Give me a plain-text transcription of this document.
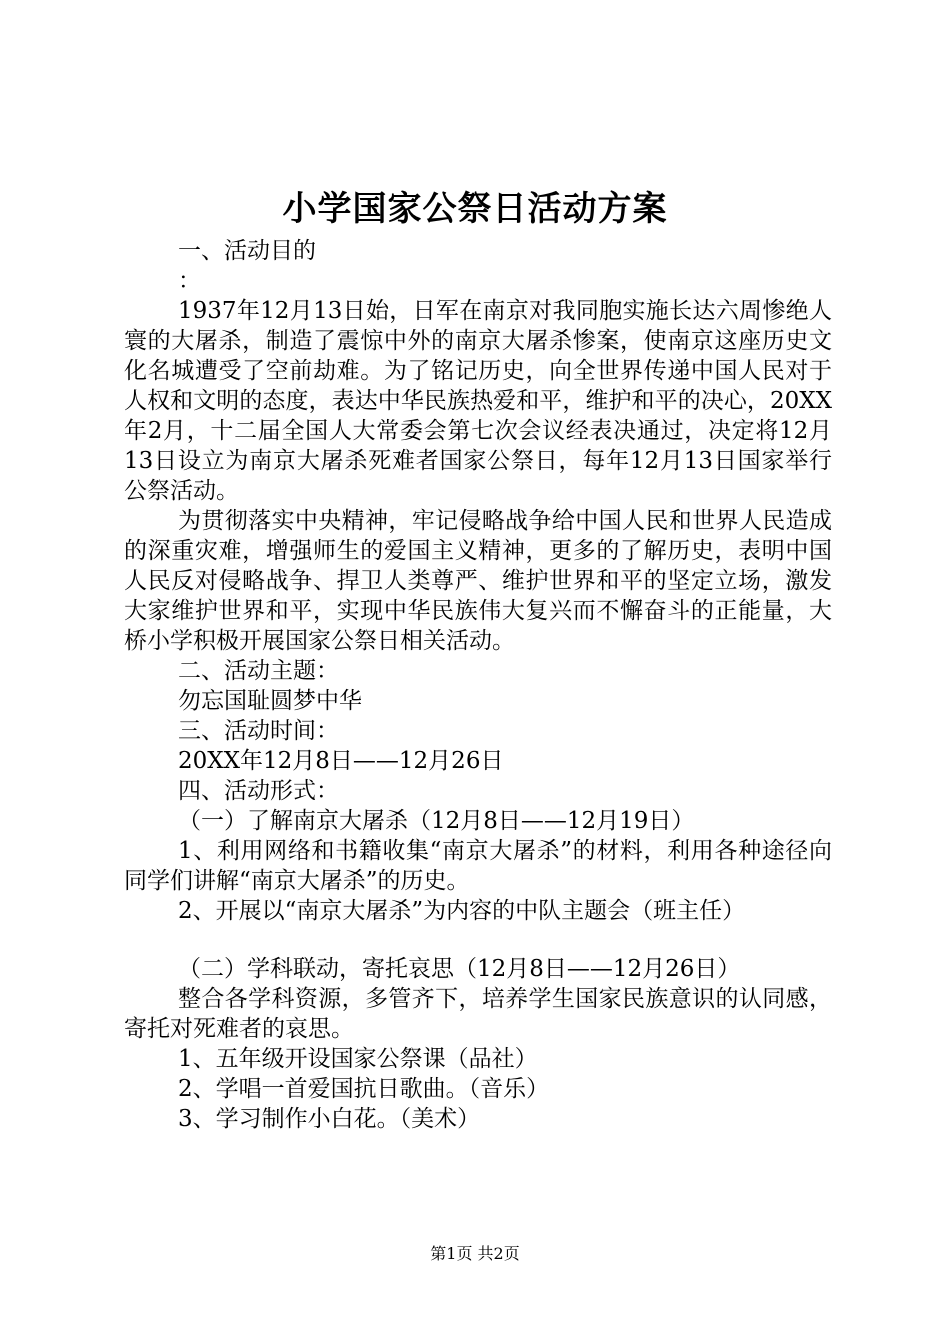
小学国家公祭日活动方案

一、活动目的

：

1937年12月13日始，日军在南京对我同胞实施长达六周惨绝人寰的大屠杀，制造了震惊中外的南京大屠杀惨案，使南京这座历史文化名城遭受了空前劫难。为了铭记历史，向全世界传递中国人民对于人权和文明的态度，表达中华民族热爱和平，维护和平的决心，20XX年2月，十二届全国人大常委会第七次会议经表决通过，决定将12月13日设立为南京大屠杀死难者国家公祭日，每年12月13日国家举行公祭活动。

为贯彻落实中央精神，牢记侵略战争给中国人民和世界人民造成的深重灾难，增强师生的爱国主义精神，更多的了解历史，表明中国人民反对侵略战争、捍卫人类尊严、维护世界和平的坚定立场，激发大家维护世界和平，实现中华民族伟大复兴而不懈奋斗的正能量，大桥小学积极开展国家公祭日相关活动。

二、活动主题：

勿忘国耻圆梦中华

三、活动时间：

20XX年12月8日——12月26日

四、活动形式：

（一）了解南京大屠杀（12月8日——12月19日）

1、利用网络和书籍收集“南京大屠杀”的材料，利用各种途径向同学们讲解“南京大屠杀”的历史。

2、开展以“南京大屠杀”为内容的中队主题会（班主任）

（二）学科联动，寄托哀思（12月8日——12月26日）

整合各学科资源，多管齐下，培养学生国家民族意识的认同感，寄托对死难者的哀思。

1、五年级开设国家公祭课（品社）

2、学唱一首爱国抗日歌曲。（音乐）

3、学习制作小白花。（美术）

第1页 共2页
